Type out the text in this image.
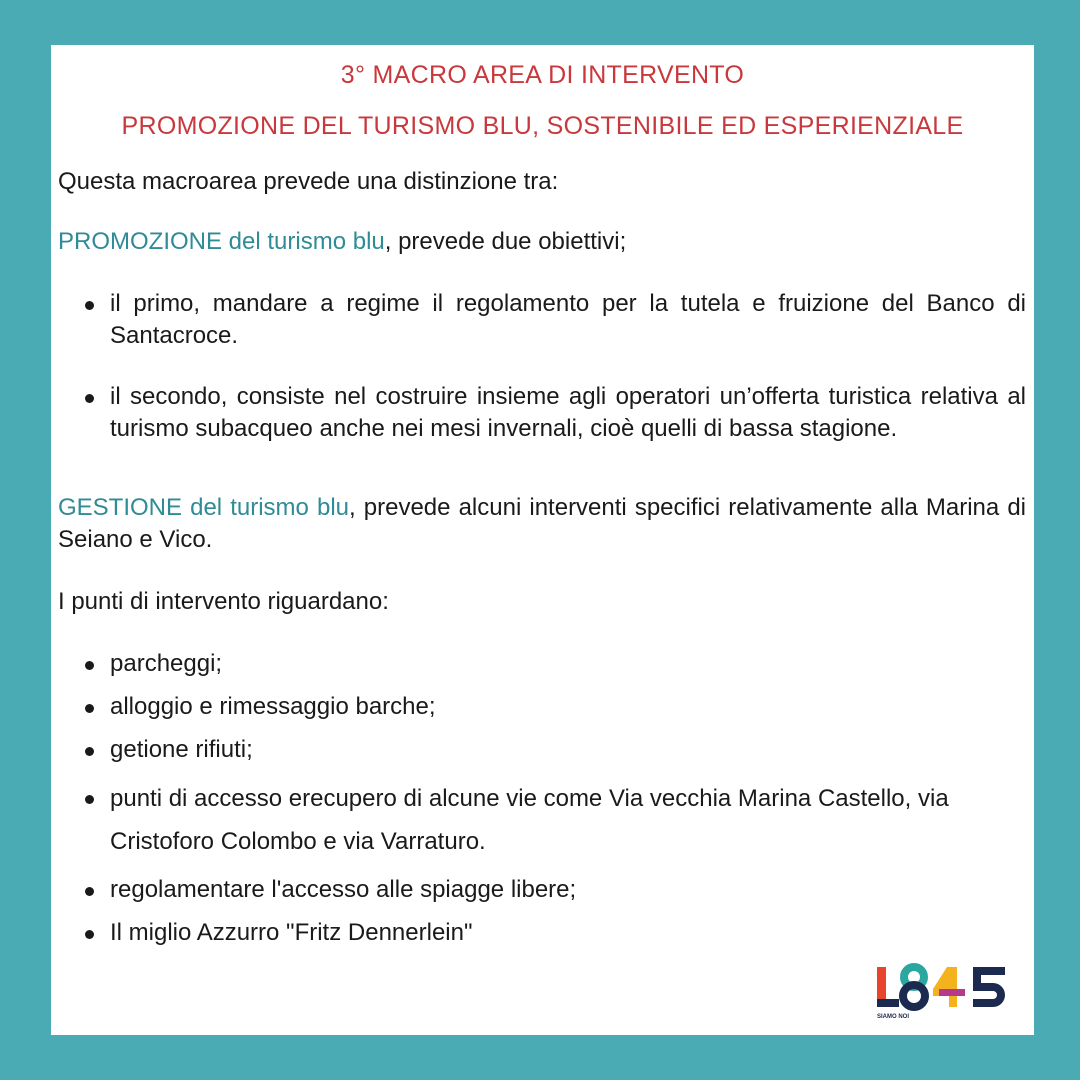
3° MACRO AREA DI INTERVENTO
PROMOZIONE DEL TURISMO BLU, SOSTENIBILE ED ESPERIENZIALE

Questa macroarea prevede una distinzione tra:

PROMOZIONE del turismo blu, prevede due obiettivi;

il primo, mandare a regime il regolamento per la tutela e fruizione del Banco di Santacroce.
il secondo, consiste nel costruire insieme agli operatori un’offerta turistica relativa al turismo subacqueo anche nei mesi invernali, cioè quelli di bassa stagione.

GESTIONE del turismo blu, prevede alcuni interventi specifici relativamente alla Marina di Seiano e Vico.

I punti di intervento riguardano:

parcheggi;
alloggio e rimessaggio barche;
getione rifiuti;
punti di accesso erecupero di alcune vie come Via vecchia Marina Castello, via Cristoforo Colombo e via Varraturo.
regolamentare l'accesso alle spiagge libere;
Il miglio Azzurro "Fritz Dennerlein"
SIAMO NOI
